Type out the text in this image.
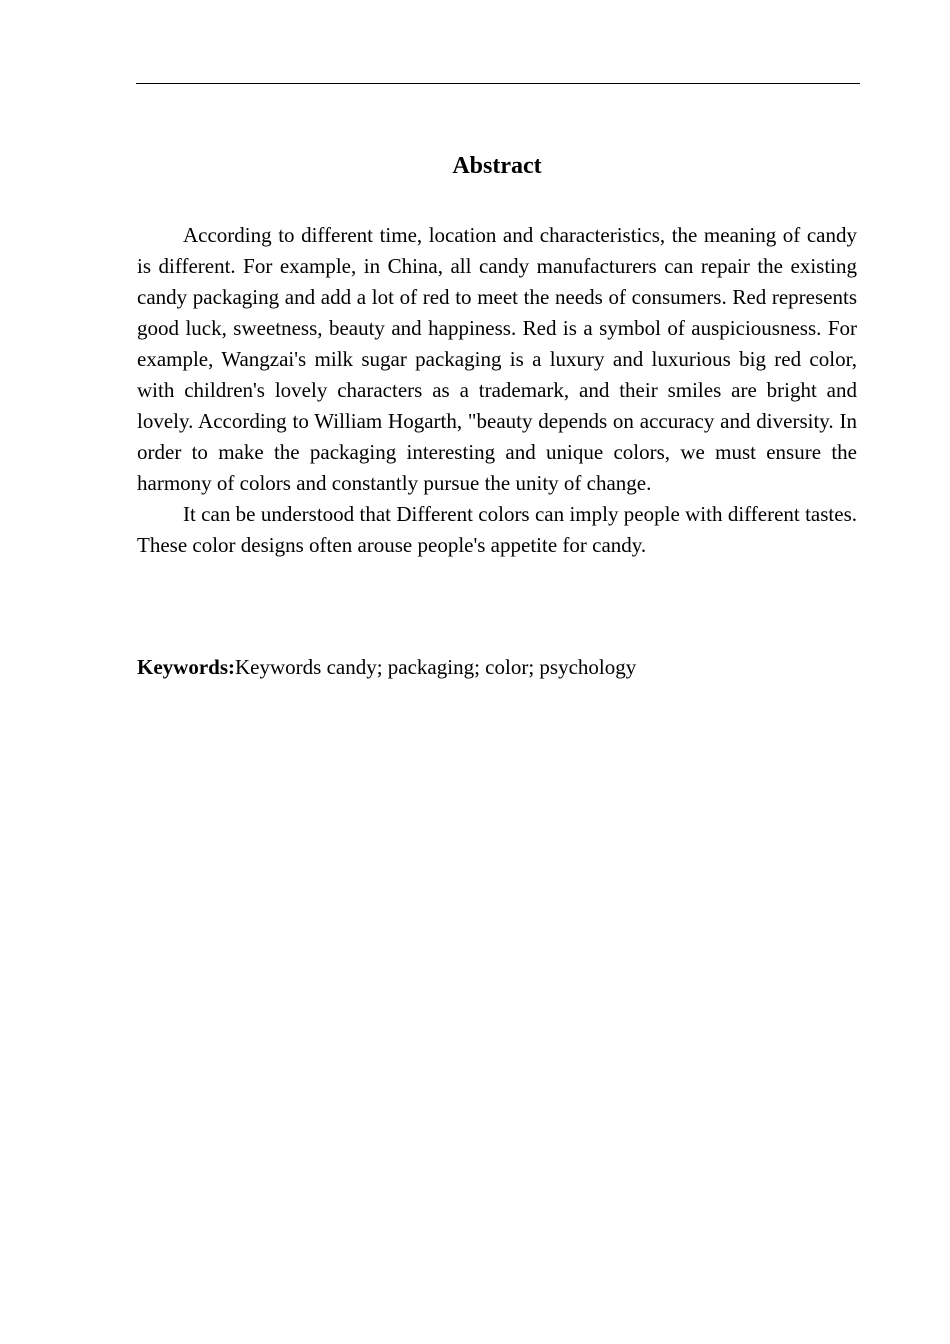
Abstract

According to different time, location and characteristics, the meaning of candy is different. For example, in China, all candy manufacturers can repair the existing candy packaging and add a lot of red to meet the needs of consumers. Red represents good luck, sweetness, beauty and happiness. Red is a symbol of auspiciousness. For example, Wangzai's milk sugar packaging is a luxury and luxurious big red color, with children's lovely characters as a trademark, and their smiles are bright and lovely. According to William Hogarth, "beauty depends on accuracy and diversity. In order to make the packaging interesting and unique colors, we must ensure the harmony of colors and constantly pursue the unity of change.

It can be understood that Different colors can imply people with different tastes. These color designs often arouse people's appetite for candy.

Keywords:Keywords candy; packaging; color; psychology
